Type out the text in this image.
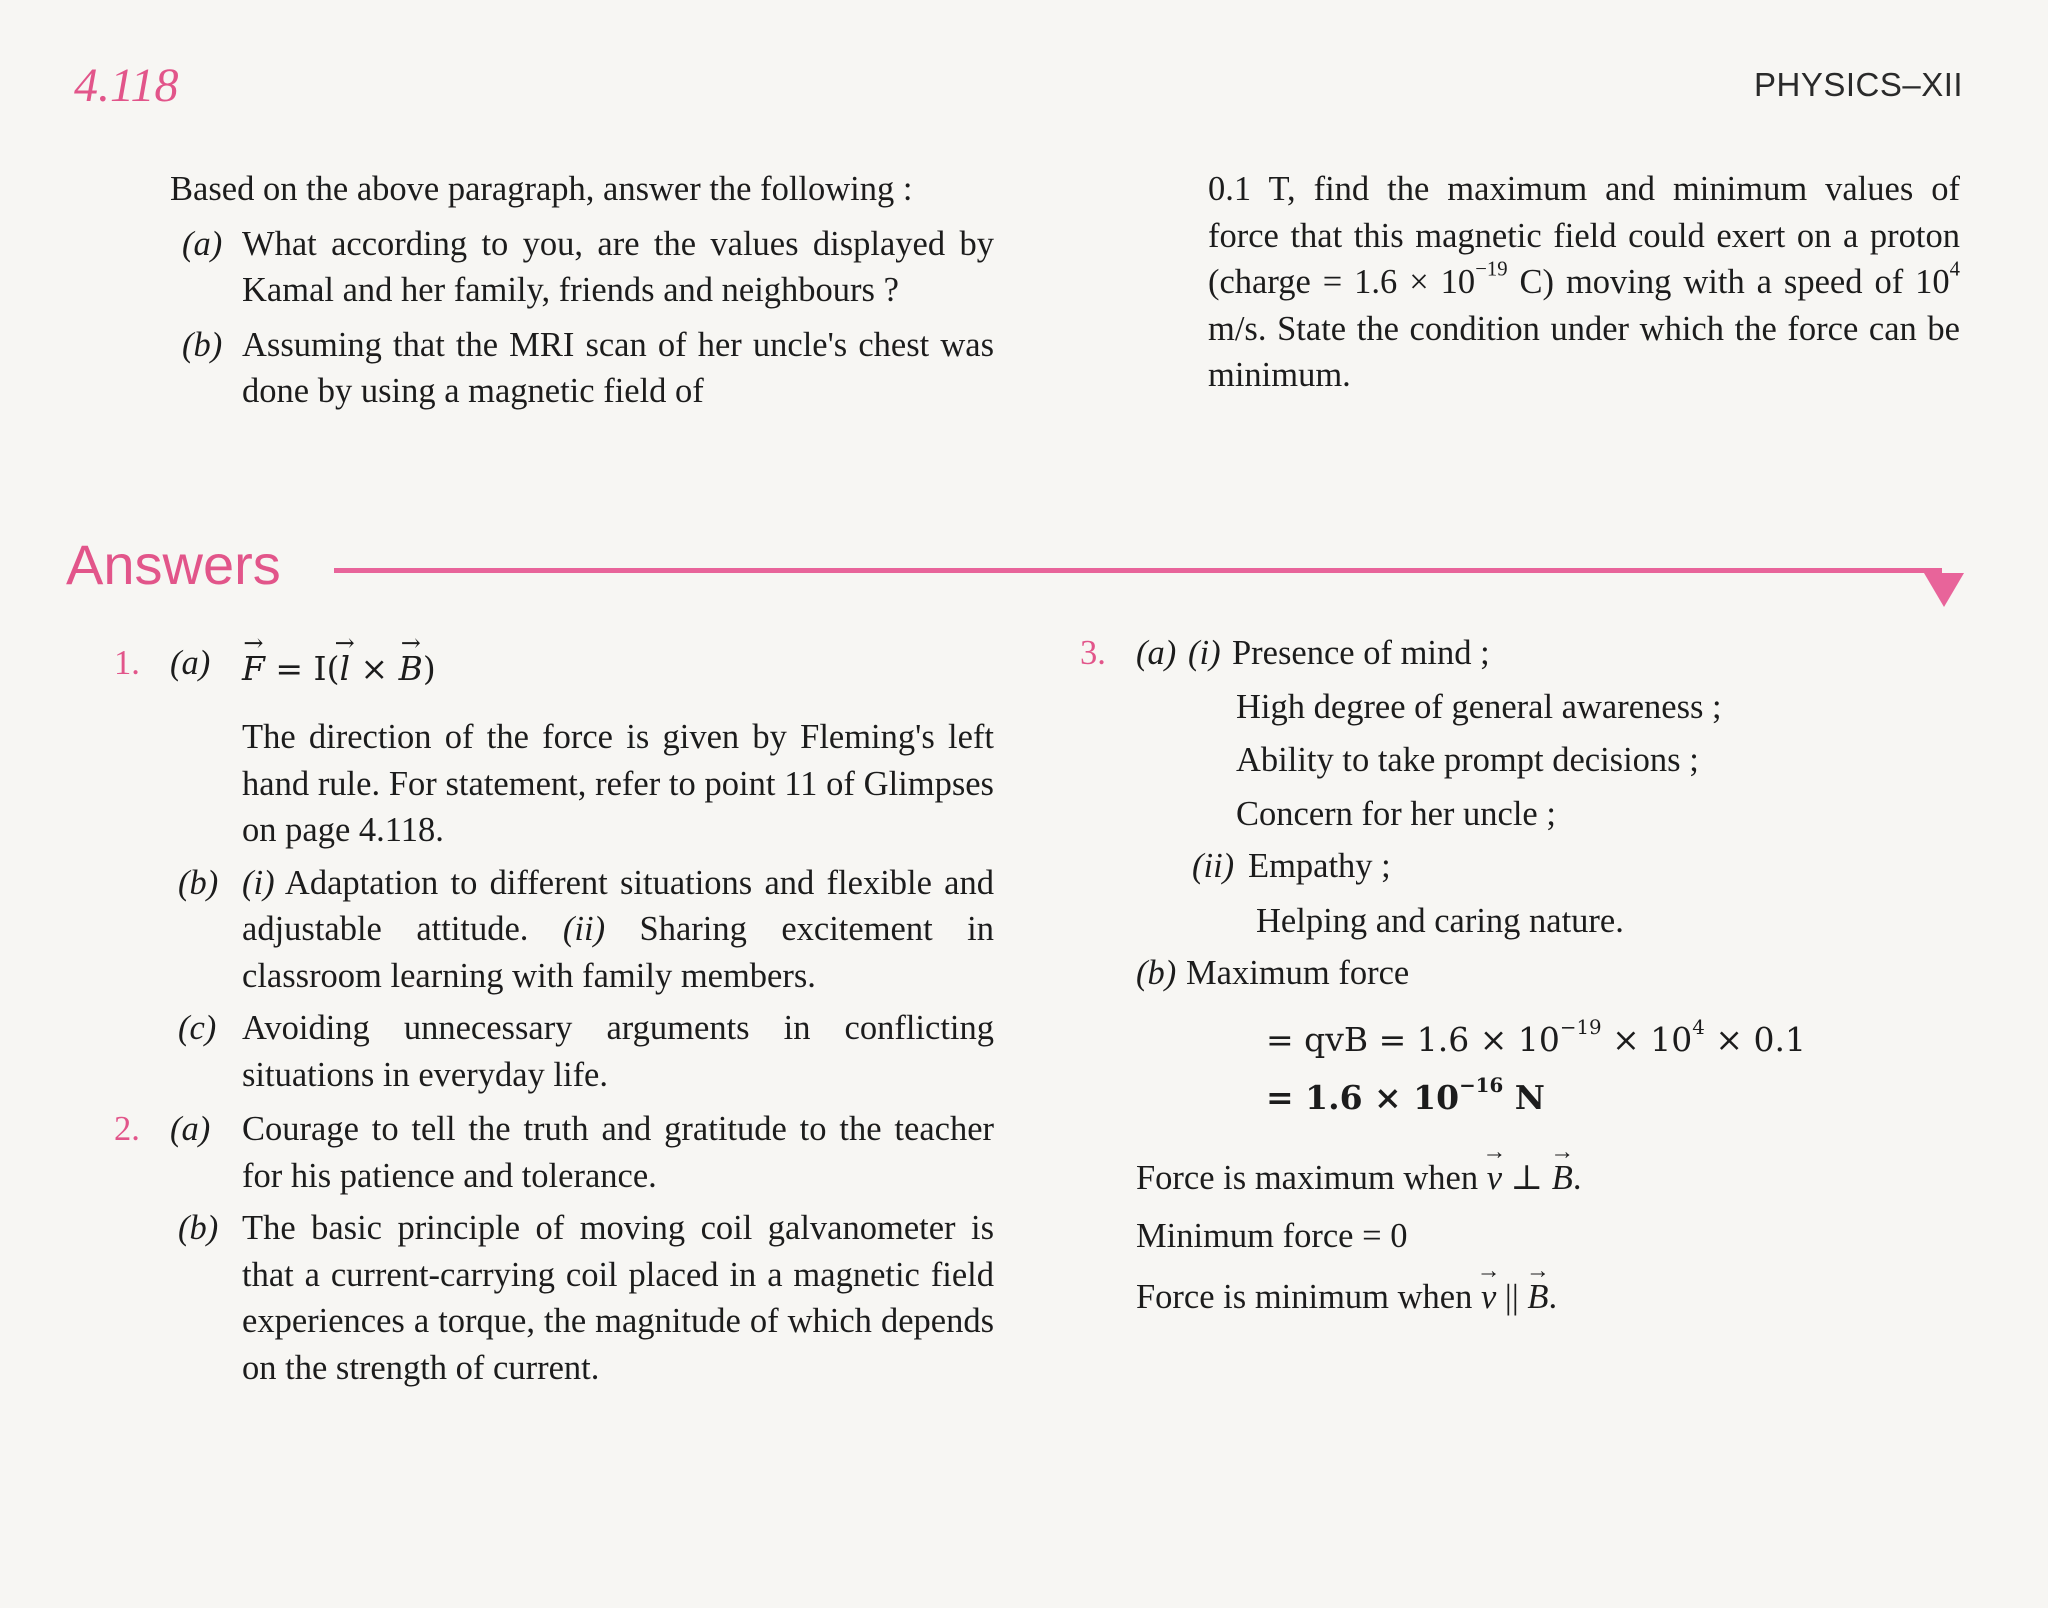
4.118	PHYSICS–XII

Based on the above paragraph, answer the following :

(a) What according to you, are the values displayed by Kamal and her family, friends and neighbours ?

(b) Assuming that the MRI scan of her uncle's chest was done by using a magnetic field of

0.1 T, find the maximum and minimum values of force that this magnetic field could exert on a proton (charge = $1.6 \times 10^{-19}$ C) moving with a speed of $10^4$ m/s. State the condition under which the force can be minimum.

Answers
1. (a)
→ F = I(→ l × → B)

The direction of the force is given by Fleming's left hand rule. For statement, refer to point 11 of Glimpses on page 4.118.

(b) (i) Adaptation to different situations and flexible and adjustable attitude. (ii) Sharing excitement in classroom learning with family members.

(c) Avoiding unnecessary arguments in conflicting situations in everyday life.

2. (a) Courage to tell the truth and gratitude to the teacher for his patience and tolerance.

(b) The basic principle of moving coil galvanometer is that a current-carrying coil placed in a magnetic field experiences a torque, the magnitude of which depends on the strength of current.

3. (a) (i) Presence of mind ;
High degree of general awareness ;
Ability to take prompt decisions ;
Concern for her uncle ;
(ii) Empathy ;
Helping and caring nature.
(b) Maximum force
= qvB = $1.6 \times 10^{-19} \times 10^4 \times 0.1$
= $1.6 \times 10^{-16}$ N
Force is maximum when → v ⊥ → B.
Minimum force = 0
Force is minimum when → v || → B.
